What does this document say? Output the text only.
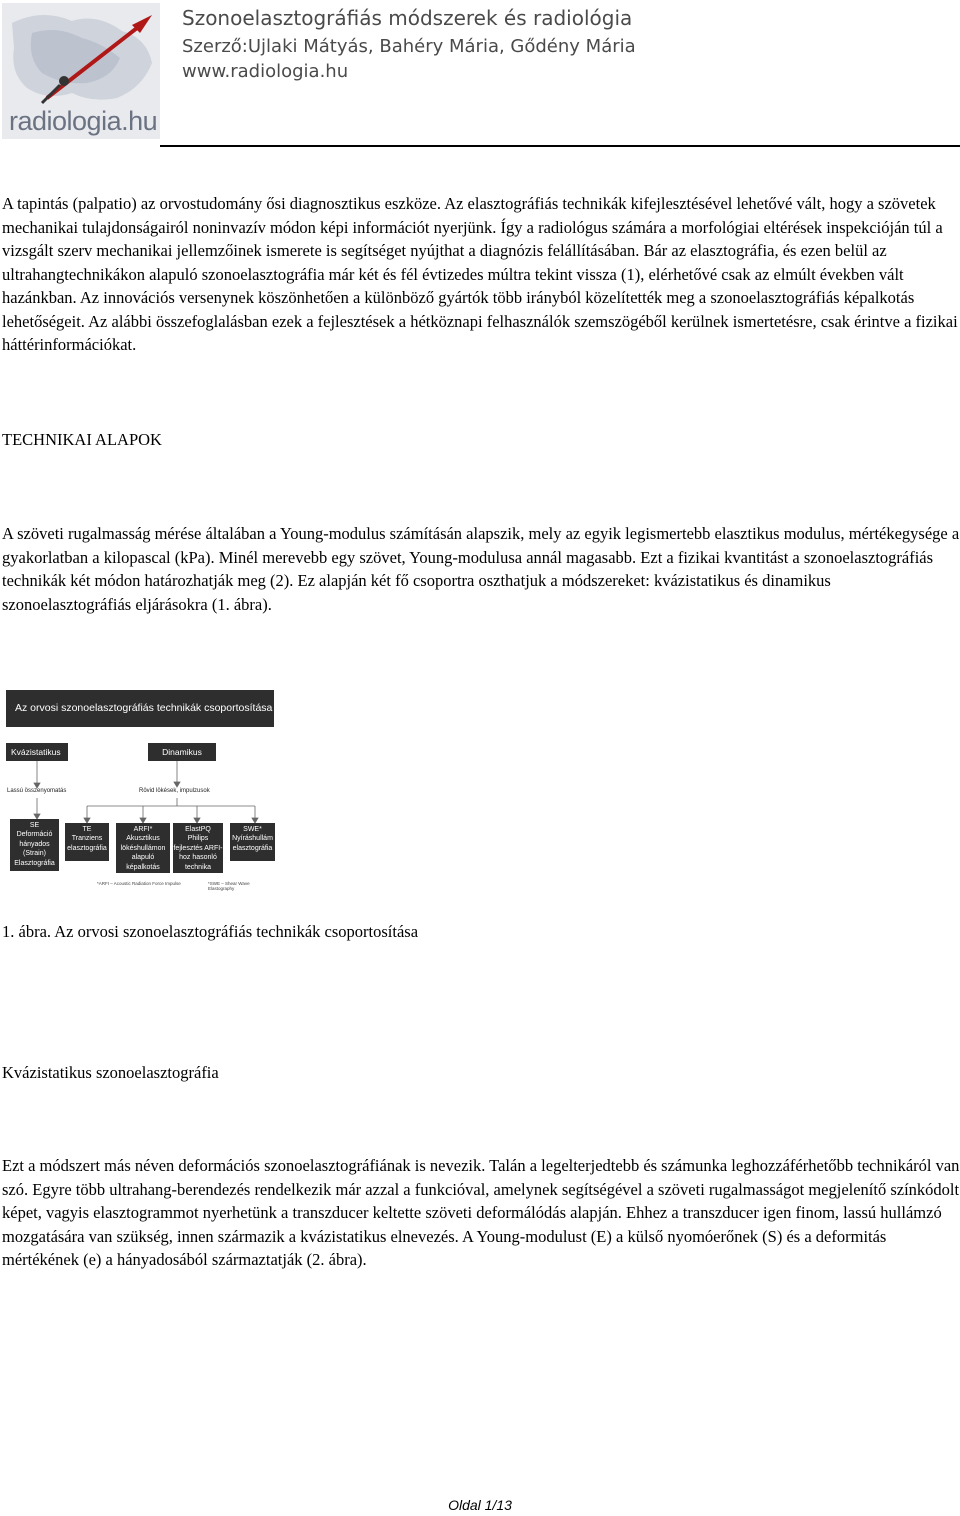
radiologia.hu
Szonoelasztográfiás módszerek és radiológia
Szerző:Ujlaki Mátyás, Bahéry Mária, Gődény Mária
www.radiologia.hu

A tapintás (palpatio) az orvostudomány ősi diagnosztikus eszköze. Az elasztográfiás technikák kifejlesztésével lehetővé vált, hogy a szövetek mechanikai tulajdonságairól noninvazív módon képi információt nyerjünk. Így a radiológus számára a morfológiai eltérések inspekcióján túl a vizsgált szerv mechanikai jellemzőinek ismerete is segítséget nyújthat a diagnózis felállításában. Bár az elasztográfia, és ezen belül az ultrahangtechnikákon alapuló szonoelasztográfia már két és fél évtizedes múltra tekint vissza (1), elérhetővé csak az elmúlt években vált hazánkban. Az innovációs versenynek köszönhetően a különböző gyártók több irányból közelítették meg a szonoelasztográfiás képalkotás lehetőségeit. Az alábbi összefoglalásban ezek a fejlesztések a hétköznapi felhasználók szemszögéből kerülnek ismertetésre, csak érintve a fizikai háttérinformációkat.

TECHNIKAI ALAPOK

A szöveti rugalmasság mérése általában a Young-modulus számításán alapszik, mely az egyik legismertebb elasztikus modulus, mértékegysége a gyakorlatban a kilopascal (kPa). Minél merevebb egy szövet, Young-modulusa annál magasabb. Ezt a fizikai kvantitást a szonoelasztográfiás technikák két módon határozhatják meg (2). Ez alapján két fő csoportra oszthatjuk a módszereket: kvázistatikus és dinamikus szonoelasztográfiás eljárásokra (1. ábra).

Az orvosi szonoelasztográfiás technikák csoportosítása
Kvázistatikus	Dinamikus
Lassú összenyomatás	Rövid lökések, impulzusok
SE
Deformáció hányados (Strain) Elasztográfia
TE
Tranziens elasztográfia
ARFI*
Akusztikus lökéshullámon alapuló képalkotás
ElastPQ
Philips fejlesztés ARFI-hoz hasonló technika
SWE*
Nyíráshullám elasztográfia
*ARFI – Acoustic Radiation Force Impulse	*SWE – Shear Wave Elastography

1. ábra. Az orvosi szonoelasztográfiás technikák csoportosítása

Kvázistatikus szonoelasztográfia

Ezt a módszert más néven deformációs szonoelasztográfiának is nevezik. Talán a legelterjedtebb és számunka leghozzáférhetőbb technikáról van szó. Egyre több ultrahang-berendezés rendelkezik már azzal a funkcióval, amelynek segítségével a szöveti rugalmasságot megjelenítő színkódolt képet, vagyis elasztogrammot nyerhetünk a transzducer keltette szöveti deformálódás alapján. Ehhez a transzducer igen finom, lassú hullámzó mozgatására van szükség, innen származik a kvázistatikus elnevezés. A Young-modulust (E) a külső nyomóerőnek (S) és a deformitás mértékének (e) a hányadosából származtatják (2. ábra).

Oldal 1/13
